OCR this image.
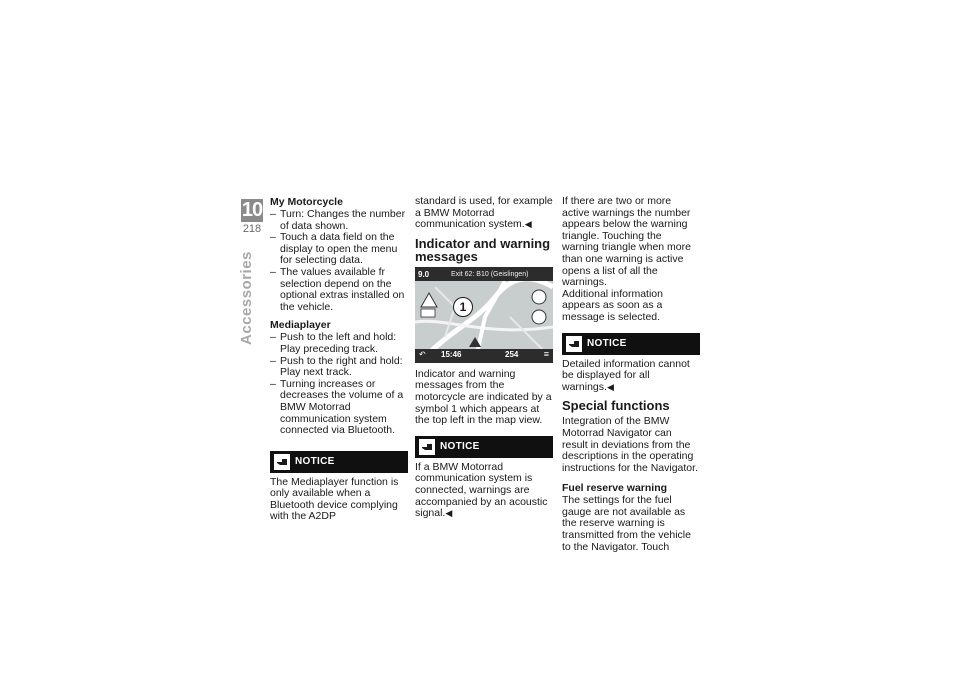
10
218
Accessories
My Motorcycle
– Turn: Changes the number of data shown.
– Touch a data field on the display to open the menu for selecting data.
– The values available fr selection depend on the optional extras installed on the vehicle.
Mediaplayer
– Push to the left and hold: Play preceding track.
– Push to the right and hold: Play next track.
– Turning increases or decreases the volume of a BMW Motorrad communication system connected via Bluetooth.
NOTICE

The Mediaplayer function is only available when a Bluetooth device complying with the A2DP

standard is used, for example a BMW Motorrad communication system.◀

Indicator and warning messages
9.0	Exit 62: B10 (Geislingen)
1
↶ 15:46	254	≡

Indicator and warning messages from the motorcycle are indicated by a symbol 1 which appears at the top left in the map view.

NOTICE

If a BMW Motorrad communication system is connected, warnings are accompanied by an acoustic signal.◀

If there are two or more active warnings the number appears below the warning triangle. Touching the warning triangle when more than one warning is active opens a list of all the warnings.

Additional information appears as soon as a message is selected.

NOTICE

Detailed information cannot be displayed for all warnings.◀

Special functions

Integration of the BMW Motorrad Navigator can result in deviations from the descriptions in the operating instructions for the Navigator.

Fuel reserve warning

The settings for the fuel gauge are not available as the reserve warning is transmitted from the vehicle to the Navigator. Touch
